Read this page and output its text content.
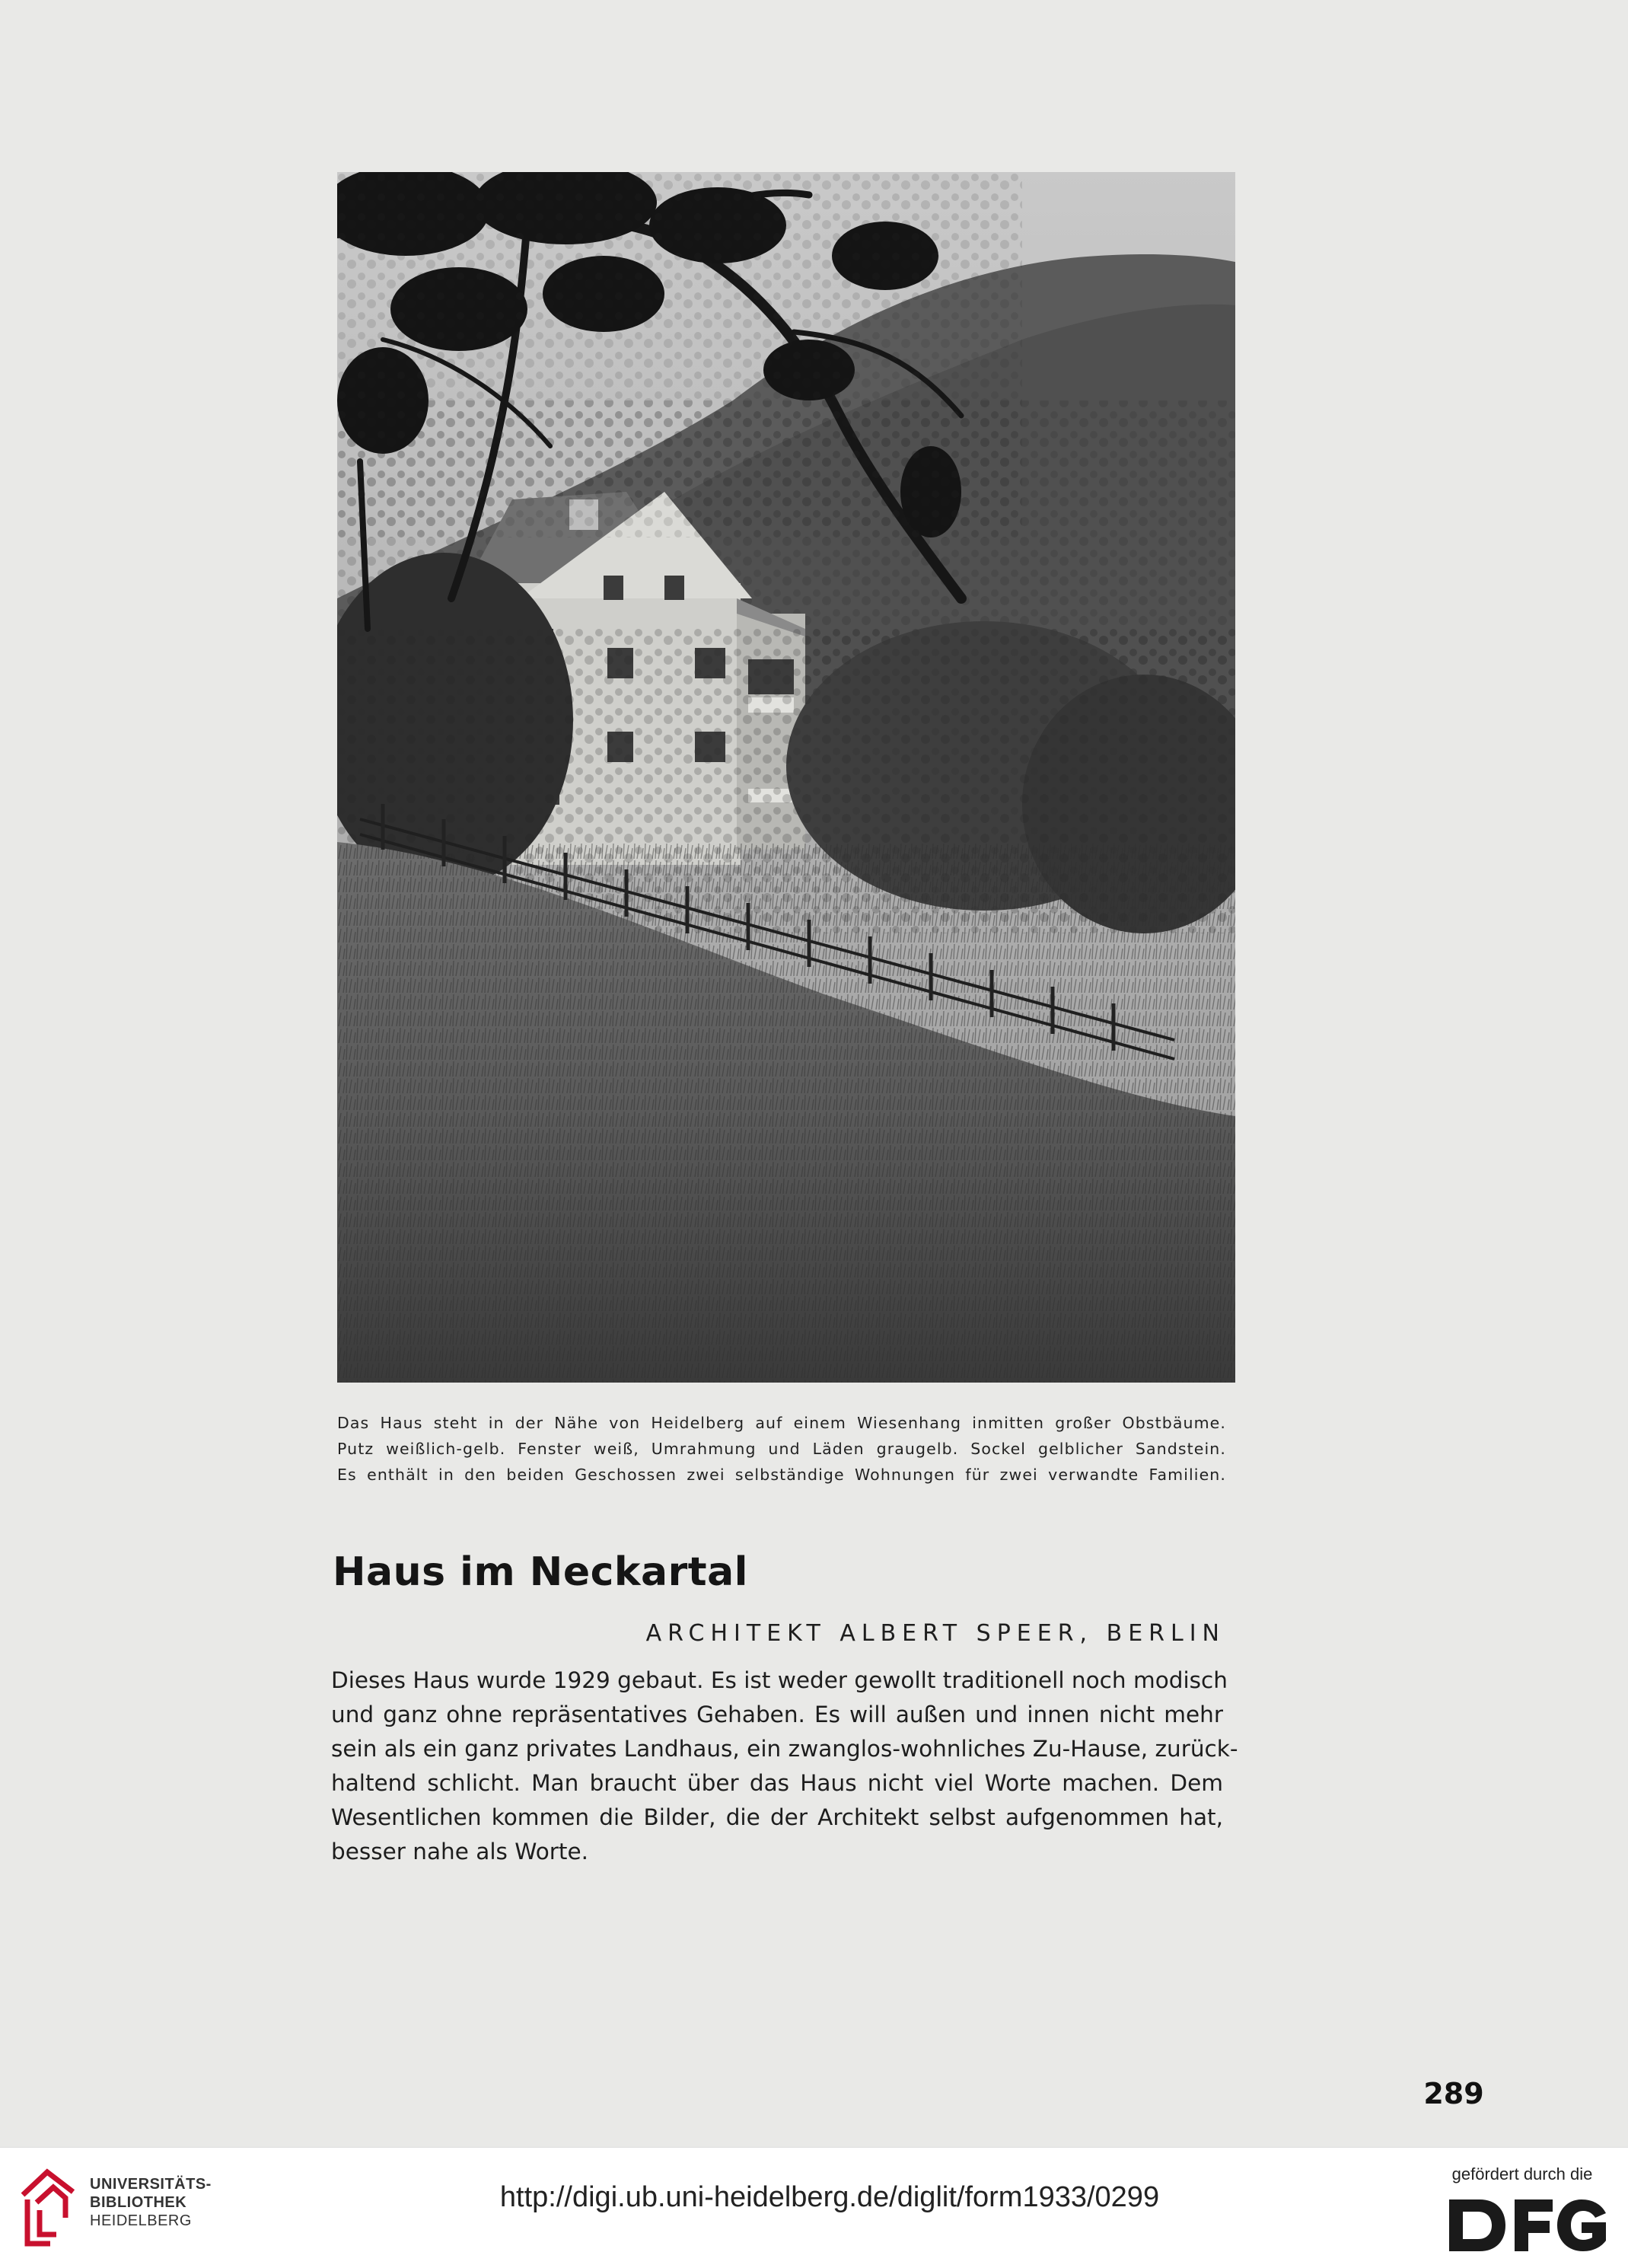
Das Haus steht in der Nähe von Heidelberg auf einem Wiesenhang inmitten großer Obstbäume.
Putz weißlich-gelb. Fenster weiß, Umrahmung und Läden graugelb. Sockel gelblicher Sandstein.
Es enthält in den beiden Geschossen zwei selbständige Wohnungen für zwei verwandte Familien.
Haus im Neckartal
ARCHITEKT ALBERT SPEER, BERLIN
Dieses Haus wurde 1929 gebaut. Es ist weder gewollt traditionell noch modisch
und ganz ohne repräsentatives Gehaben. Es will außen und innen nicht mehr
sein als ein ganz privates Landhaus, ein zwanglos-wohnliches Zu-Hause, zurück-
haltend schlicht. Man braucht über das Haus nicht viel Worte machen. Dem
Wesentlichen kommen die Bilder, die der Architekt selbst aufgenommen hat,
besser nahe als Worte.
289
UNIVERSITÄTS-
BIBLIOTHEK
HEIDELBERG
http://digi.ub.uni-heidelberg.de/diglit/form1933/0299
gefördert durch die
